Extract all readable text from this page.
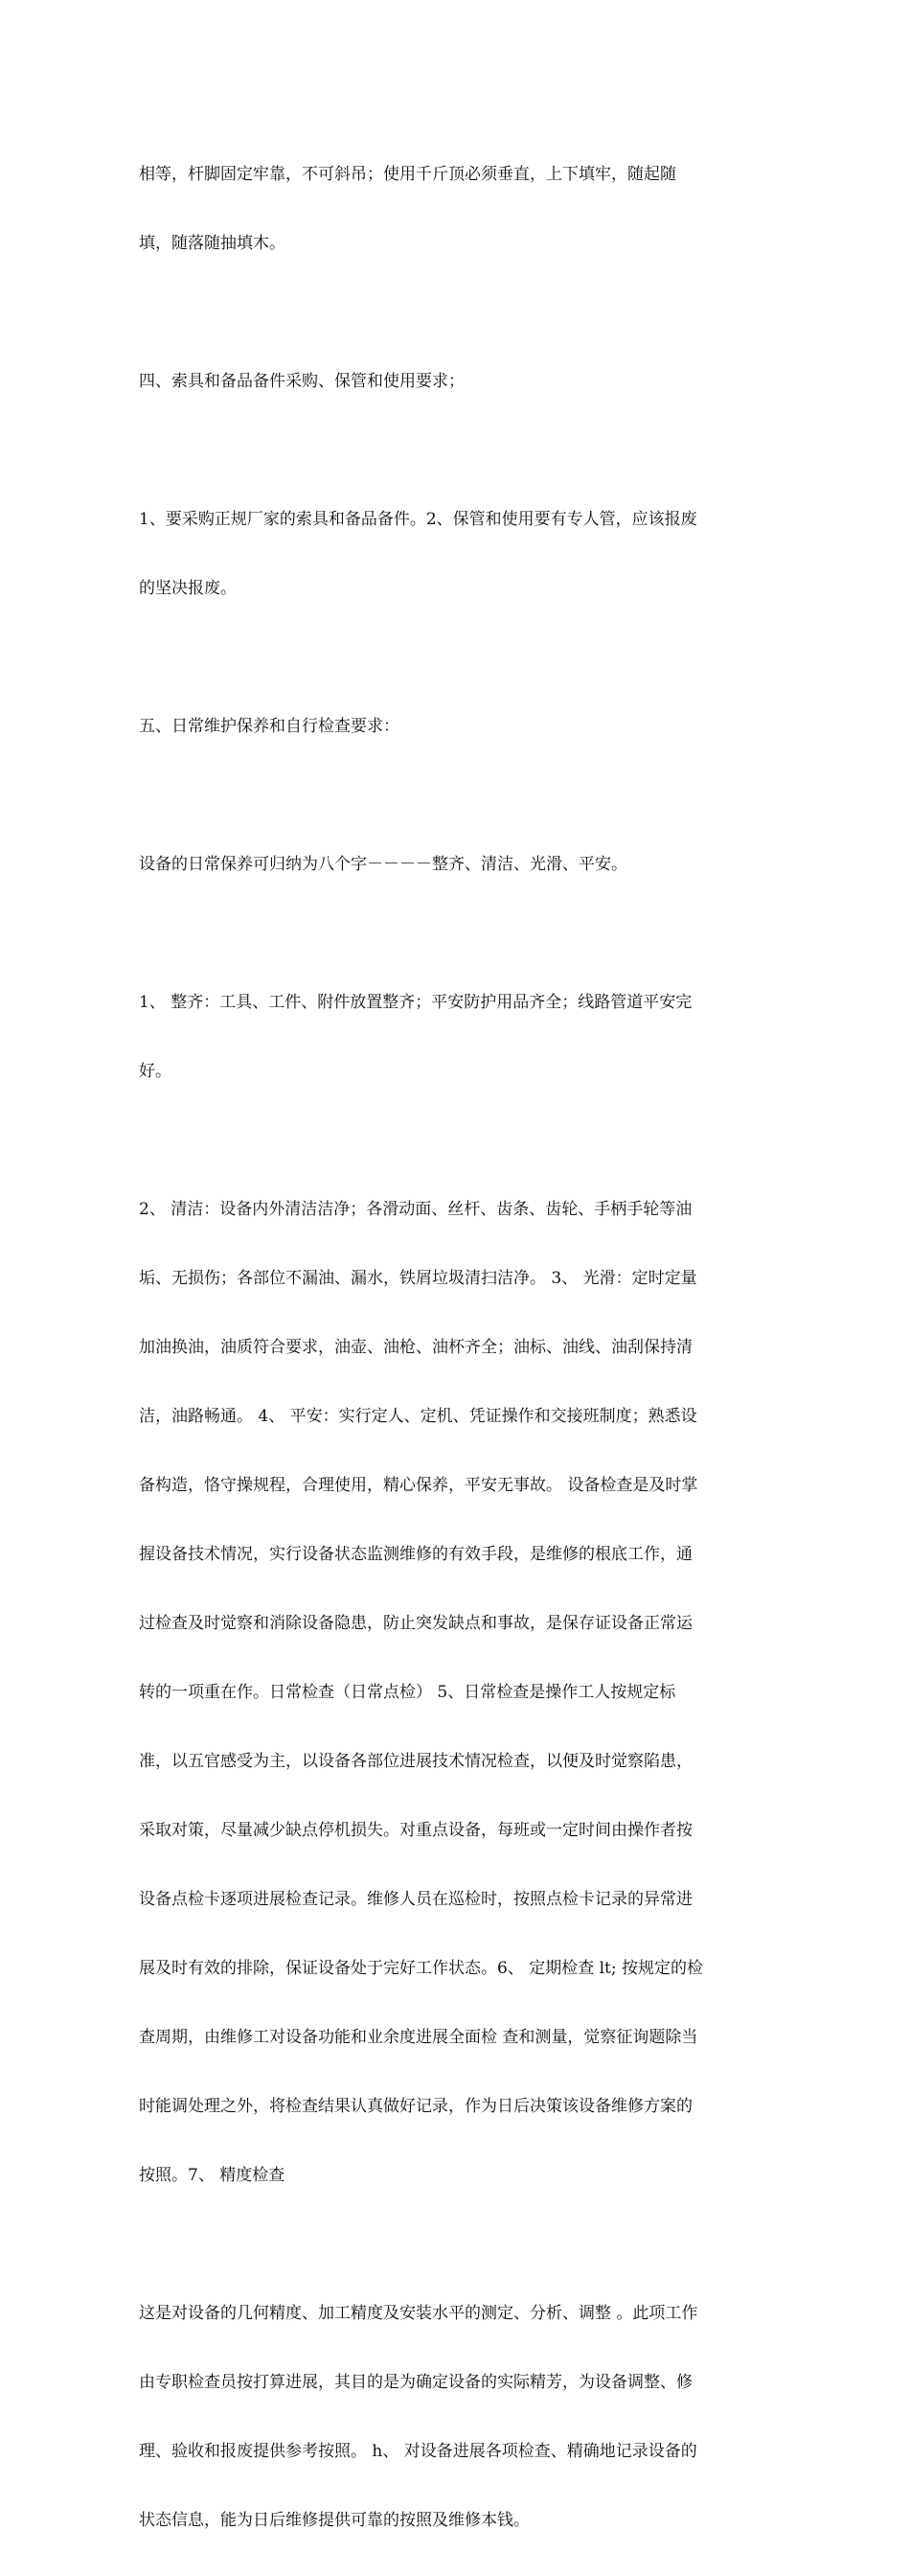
相等，杆脚固定牢靠，不可斜吊；使用千斤顶必须垂直，上下填牢，随起随

填，随落随抽填木。

四、索具和备品备件采购、保管和使用要求；

1、要采购正规厂家的索具和备品备件。2、保管和使用要有专人管，应该报废

的坚决报废。

五、日常维护保养和自行检查要求：

设备的日常保养可归纳为八个字－－－－整齐、清洁、光滑、平安。

1、 整齐：工具、工件、附件放置整齐；平安防护用品齐全；线路管道平安完

好。

2、 清洁：设备内外清洁洁净；各滑动面、丝杆、齿条、齿轮、手柄手轮等油

垢、无损伤；各部位不漏油、漏水，铁屑垃圾清扫洁净。 3、 光滑：定时定量

加油换油，油质符合要求，油壶、油枪、油杯齐全；油标、油线、油刮保持清

洁，油路畅通。 4、 平安：实行定人、定机、凭证操作和交接班制度；熟悉设

备构造，恪守操规程，合理使用，精心保养，平安无事故。 设备检查是及时掌

握设备技术情况，实行设备状态监测维修的有效手段，是维修的根底工作，通

过检查及时觉察和消除设备隐患，防止突发缺点和事故，是保存证设备正常运

转的一项重在作。日常检查（日常点检） 5、日常检查是操作工人按规定标

准，以五官感受为主，以设备各部位进展技术情况检查，以便及时觉察陷患，

采取对策，尽量减少缺点停机损失。对重点设备，每班或一定时间由操作者按

设备点检卡逐项进展检查记录。维修人员在巡检时，按照点检卡记录的异常进

展及时有效的排除，保证设备处于完好工作状态。6、 定期检查 lt; 按规定的检

查周期，由维修工对设备功能和业余度进展全面检 查和测量，觉察征询题除当

时能调处理之外，将检查结果认真做好记录，作为日后决策该设备维修方案的

按照。7、 精度检查

这是对设备的几何精度、加工精度及安装水平的测定、分析、调整 。此项工作

由专职检查员按打算进展，其目的是为确定设备的实际精芳，为设备调整、修

理、验收和报废提供参考按照。 h、 对设备进展各项检查、精确地记录设备的

状态信息，能为日后维修提供可靠的按照及维修本钱。
